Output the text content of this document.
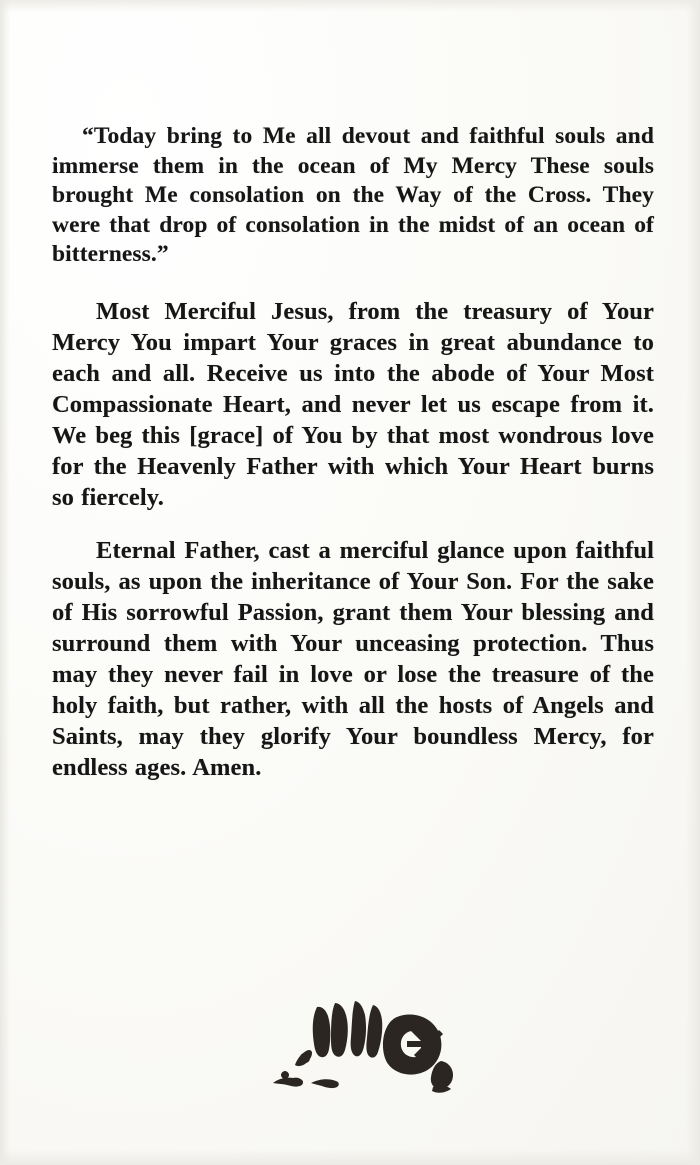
“Today bring to Me all devout and faithful souls and immerse them in the ocean of My Mercy These souls brought Me consolation on the Way of the Cross. They were that drop of consolation in the midst of an ocean of bitterness.”

Most Merciful Jesus, from the treasury of Your Mercy You impart Your graces in great abundance to each and all. Receive us into the abode of Your Most Compassionate Heart, and never let us escape from it. We beg this [grace] of You by that most wondrous love for the Heavenly Father with which Your Heart burns so fiercely.

Eternal Father, cast a merciful glance upon faithful souls, as upon the inheritance of Your Son. For the sake of His sorrowful Passion, grant them Your blessing and surround them with Your unceasing protection. Thus may they never fail in love or lose the treasure of the holy faith, but rather, with all the hosts of Angels and Saints, may they glorify Your boundless Mercy, for endless ages. Amen.
